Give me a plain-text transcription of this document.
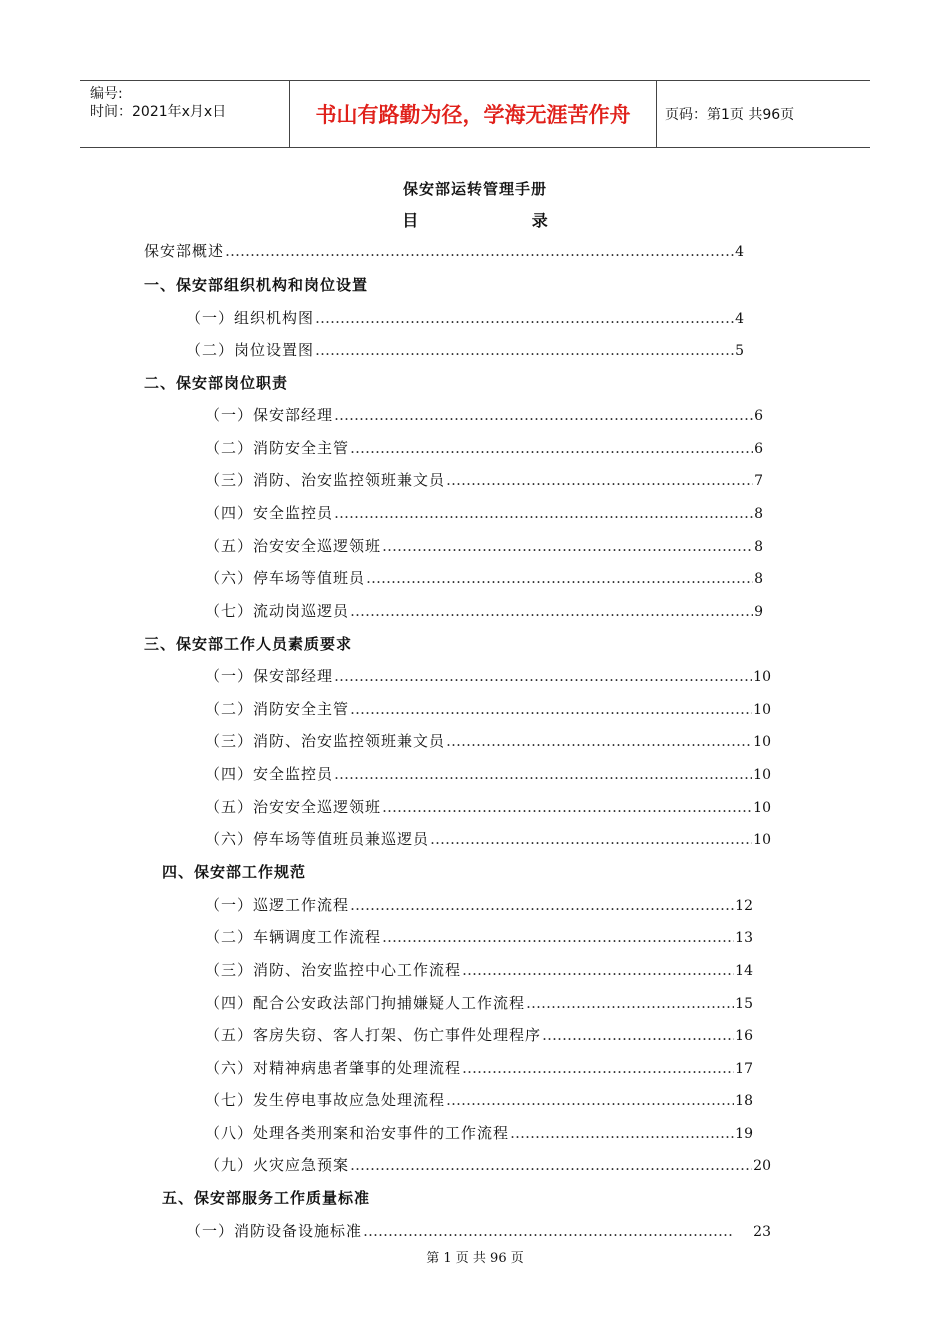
编号:
时间：2021年x月x日	书山有路勤为径，学海无涯苦作舟	页码：第1页 共96页
保安部运转管理手册
目	录
保安部概述 ……………………………………………………………………………………………………………………………………………………	4
一、保安部组织机构和岗位设置
（一）组织机构图 ……………………………………………………………………………………………………………………………………………………	4
（二）岗位设置图 ……………………………………………………………………………………………………………………………………………………	5
二、保安部岗位职责
（一）保安部经理 ……………………………………………………………………………………………………………………………………………………	6
（二）消防安全主管 ……………………………………………………………………………………………………………………………………………………	6
（三）消防、治安监控领班兼文员 ……………………………………………………………………………………………………………………………………………………	7
（四）安全监控员 ……………………………………………………………………………………………………………………………………………………	8
（五）治安安全巡逻领班 ……………………………………………………………………………………………………………………………………………………	8
（六）停车场等值班员 ……………………………………………………………………………………………………………………………………………………	8
（七）流动岗巡逻员 ……………………………………………………………………………………………………………………………………………………	9
三、保安部工作人员素质要求
（一）保安部经理 ……………………………………………………………………………………………………………………………………………………	10
（二）消防安全主管 ……………………………………………………………………………………………………………………………………………………	10
（三）消防、治安监控领班兼文员 ……………………………………………………………………………………………………………………………………………………	10
（四）安全监控员 ……………………………………………………………………………………………………………………………………………………	10
（五）治安安全巡逻领班 ……………………………………………………………………………………………………………………………………………………	10
（六）停车场等值班员兼巡逻员 ……………………………………………………………………………………………………………………………………………………	10
四、保安部工作规范
（一）巡逻工作流程 ……………………………………………………………………………………………………………………………………………………	12
（二）车辆调度工作流程 ……………………………………………………………………………………………………………………………………………………	13
（三）消防、治安监控中心工作流程 ……………………………………………………………………………………………………………………………………………………	14
（四）配合公安政法部门拘捕嫌疑人工作流程 ……………………………………………………………………………………………………………………………………………………	15
（五）客房失窃、客人打架、伤亡事件处理程序 ……………………………………………………………………………………………………………………………………………………	16
（六）对精神病患者肇事的处理流程 ……………………………………………………………………………………………………………………………………………………	17
（七）发生停电事故应急处理流程 ……………………………………………………………………………………………………………………………………………………	18
（八）处理各类刑案和治安事件的工作流程 ……………………………………………………………………………………………………………………………………………………	19
（九）火灾应急预案 ……………………………………………………………………………………………………………………………………………………	20
五、保安部服务工作质量标准
（一）消防设备设施标准 ……………………………………………………………………………………………………………………………………………………	23
第 1 页 共 96 页
